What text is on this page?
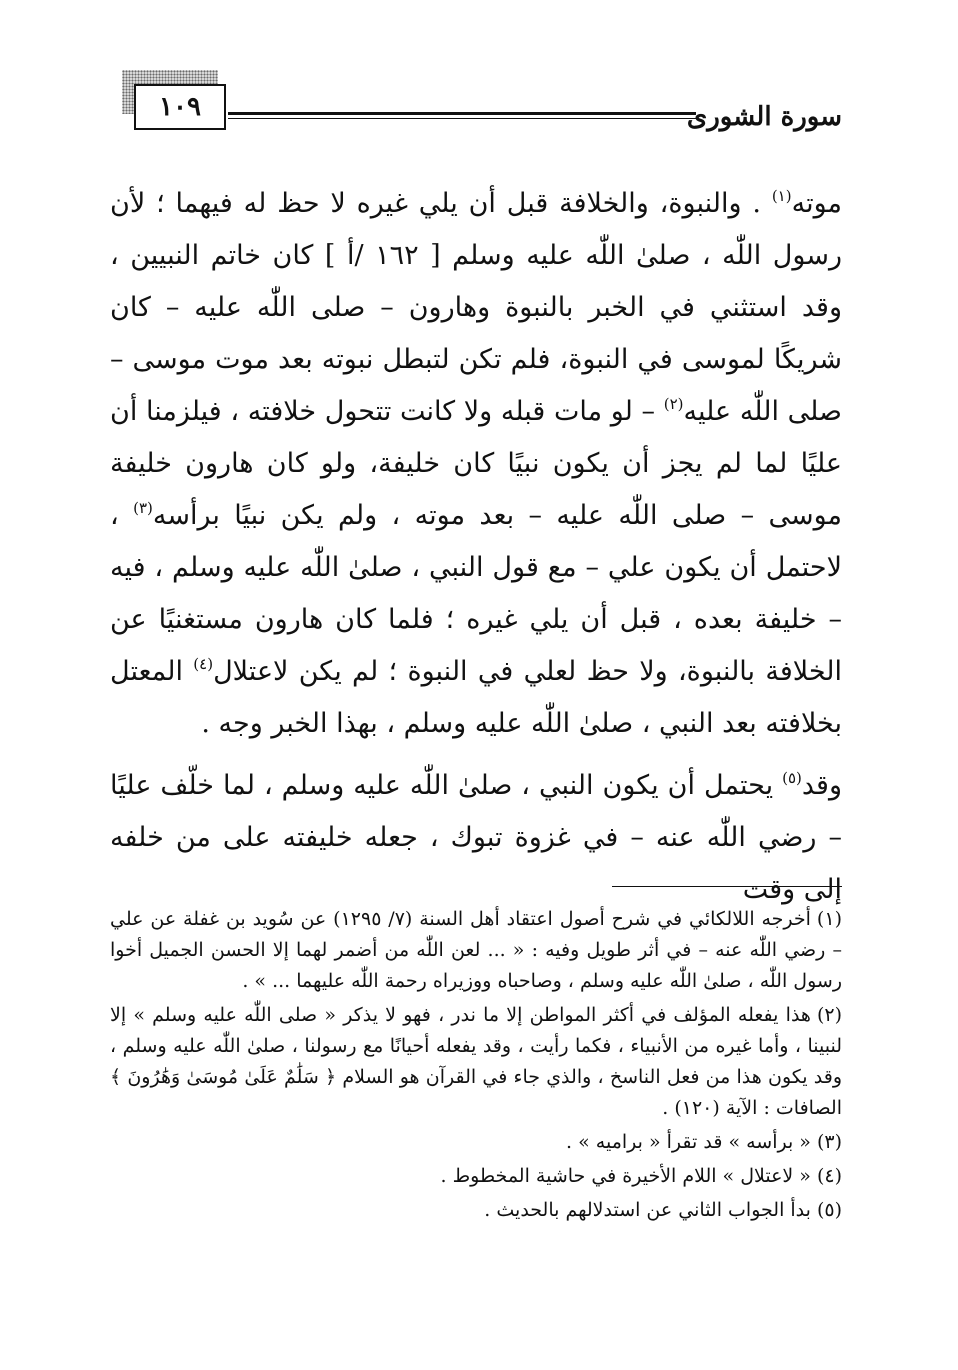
سورة الشورى
١٠٩

موته$^{(١)}$ . والنبوة، والخلافة قبل أن يلي غيره لا حظ له فيهما ؛ لأن رسول اللّٰه ، صلىٰ اللّٰه عليه وسلم [ ١٦٢ /أ ] كان خاتم النبيين ، وقد استثني في الخبر بالنبوة وهارون – صلى اللّٰه عليه – كان شريكًا لموسى في النبوة، فلم تكن لتبطل نبوته بعد موت موسى – صلى اللّٰه عليه$^{(٢)}$ – لو مات قبله ولا كانت تتحول خلافته ، فيلزمنا أن عليًا لما لم يجز أن يكون نبيًا كان خليفة، ولو كان هارون خليفة موسى – صلى اللّٰه عليه – بعد موته ، ولم يكن نبيًا برأسه$^{(٣)}$ ، لاحتمل أن يكون علي – مع قول النبي ، صلىٰ اللّٰه عليه وسلم ، فيه – خليفة بعده ، قبل أن يلي غيره ؛ فلما كان هارون مستغنيًا عن الخلافة بالنبوة، ولا حظ لعلي في النبوة ؛ لم يكن لاعتلال$^{(٤)}$ المعتل بخلافته بعد النبي ، صلىٰ اللّٰه عليه وسلم ، بهذا الخبر وجه .

وقد$^{(٥)}$ يحتمل أن يكون النبي ، صلىٰ اللّٰه عليه وسلم ، لما خلّف عليًا – رضي اللّٰه عنه – في غزوة تبوك ، جعله خليفته على من خلفه إلى وقت

(١)أخرجه اللالكائي في شرح أصول اعتقاد أهل السنة (٧/ ١٢٩٥) عن سُويد بن غفلة عن علي – رضي اللّٰه عنه – في أثر طويل وفيه : « ... لعن اللّٰه من أضمر لهما إلا الحسن الجميل أخوا رسول اللّٰه ، صلىٰ اللّٰه عليه وسلم ، وصاحباه ووزيراه رحمة اللّٰه عليهما ... » .
(٢)هذا يفعله المؤلف في أكثر المواطن إلا ما ندر ، فهو لا يذكر « صلى اللّٰه عليه وسلم » إلا لنبينا ، وأما غيره من الأنبياء ، فكما رأيت ، وقد يفعله أحيانًا مع رسولنا ، صلىٰ اللّٰه عليه وسلم ، وقد يكون هذا من فعل الناسخ ، والذي جاء في القرآن هو السلام ﴿ سَلَٰمٌ عَلَىٰ مُوسَىٰ وَهَٰرُونَ ﴾ الصافات : الآية (١٢٠) .
(٣)« برأسه » قد تقرأ « برامیه » .
(٤)« لاعتلال » اللام الأخيرة في حاشية المخطوط .
(٥)بدأ الجواب الثاني عن استدلالهم بالحديث .
